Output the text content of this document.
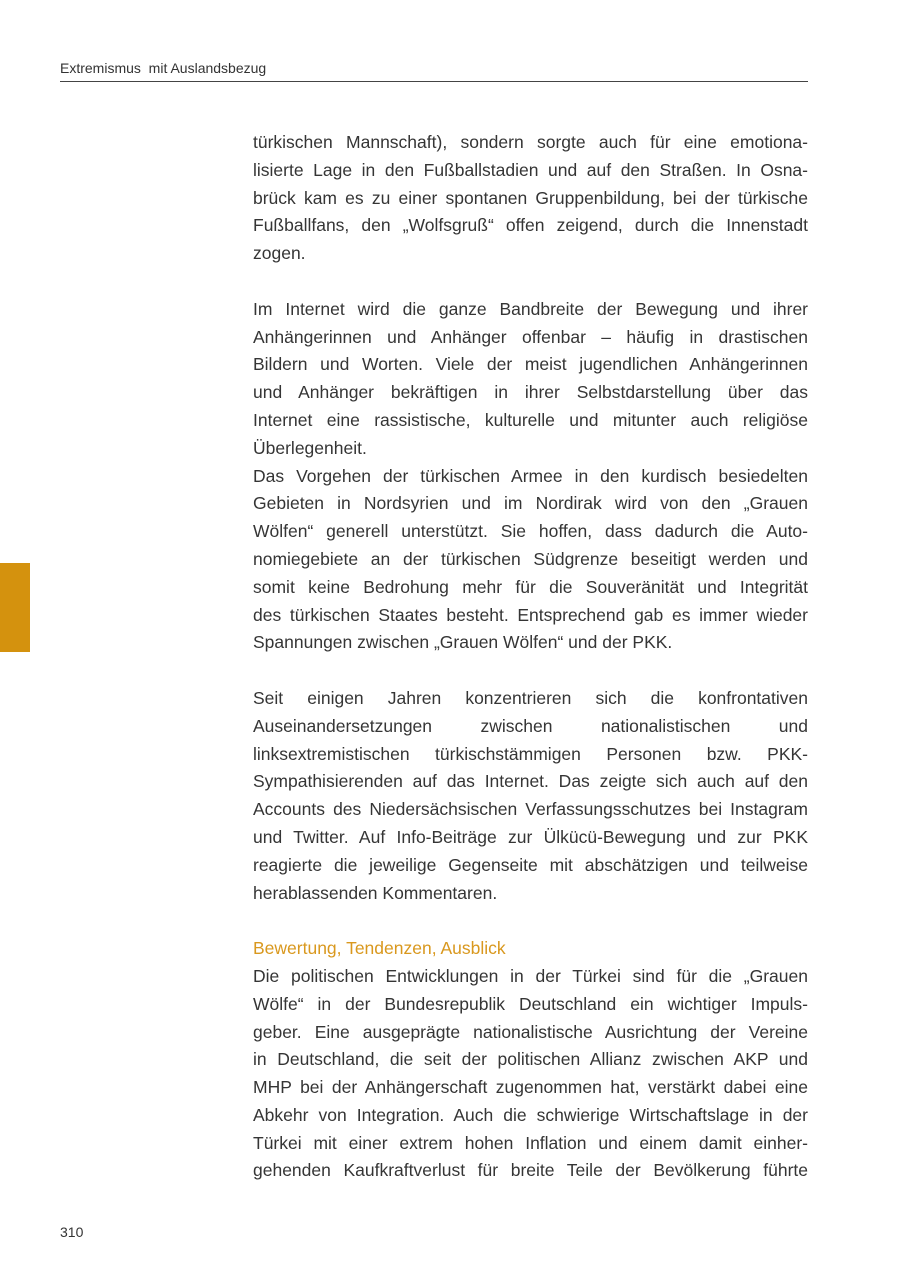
Extremismus  mit Auslandsbezug
türkischen Mannschaft), sondern sorgte auch für eine emotiona-
lisierte Lage in den Fußballstadien und auf den Straßen. In Osna-
brück kam es zu einer spontanen Gruppenbildung, bei der türkische
Fußballfans, den „Wolfsgruß“ offen zeigend, durch die Innenstadt
zogen.
Im Internet wird die ganze Bandbreite der Bewegung und ihrer
Anhängerinnen und Anhänger offenbar – häufig in drastischen
Bildern und Worten. Viele der meist jugendlichen Anhängerinnen
und Anhänger bekräftigen in ihrer Selbstdarstellung über das
Internet eine rassistische, kulturelle und mitunter auch religiöse
Überlegenheit.
Das Vorgehen der türkischen Armee in den kurdisch besiedelten
Gebieten in Nordsyrien und im Nordirak wird von den „Grauen
Wölfen“ generell unterstützt. Sie hoffen, dass dadurch die Auto-
nomiegebiete an der türkischen Südgrenze beseitigt werden und
somit keine Bedrohung mehr für die Souveränität und Integrität
des türkischen Staates besteht. Entsprechend gab es immer wieder
Spannungen zwischen „Grauen Wölfen“ und der PKK.
Seit einigen Jahren konzentrieren sich die konfrontativen
Auseinandersetzungen zwischen nationalistischen und
linksextremistischen türkischstämmigen Personen bzw. PKK-
Sympathisierenden auf das Internet. Das zeigte sich auch auf den
Accounts des Niedersächsischen Verfassungsschutzes bei Instagram
und Twitter. Auf Info-Beiträge zur Ülkücü-Bewegung und zur PKK
reagierte die jeweilige Gegenseite mit abschätzigen und teilweise
herablassenden Kommentaren.
Bewertung, Tendenzen, Ausblick
Die politischen Entwicklungen in der Türkei sind für die „Grauen
Wölfe“ in der Bundesrepublik Deutschland ein wichtiger Impuls-
geber. Eine ausgeprägte nationalistische Ausrichtung der Vereine
in Deutschland, die seit der politischen Allianz zwischen AKP und
MHP bei der Anhängerschaft zugenommen hat, verstärkt dabei eine
Abkehr von Integration. Auch die schwierige Wirtschaftslage in der
Türkei mit einer extrem hohen Inflation und einem damit einher-
gehenden Kaufkraftverlust für breite Teile der Bevölkerung führte
310
